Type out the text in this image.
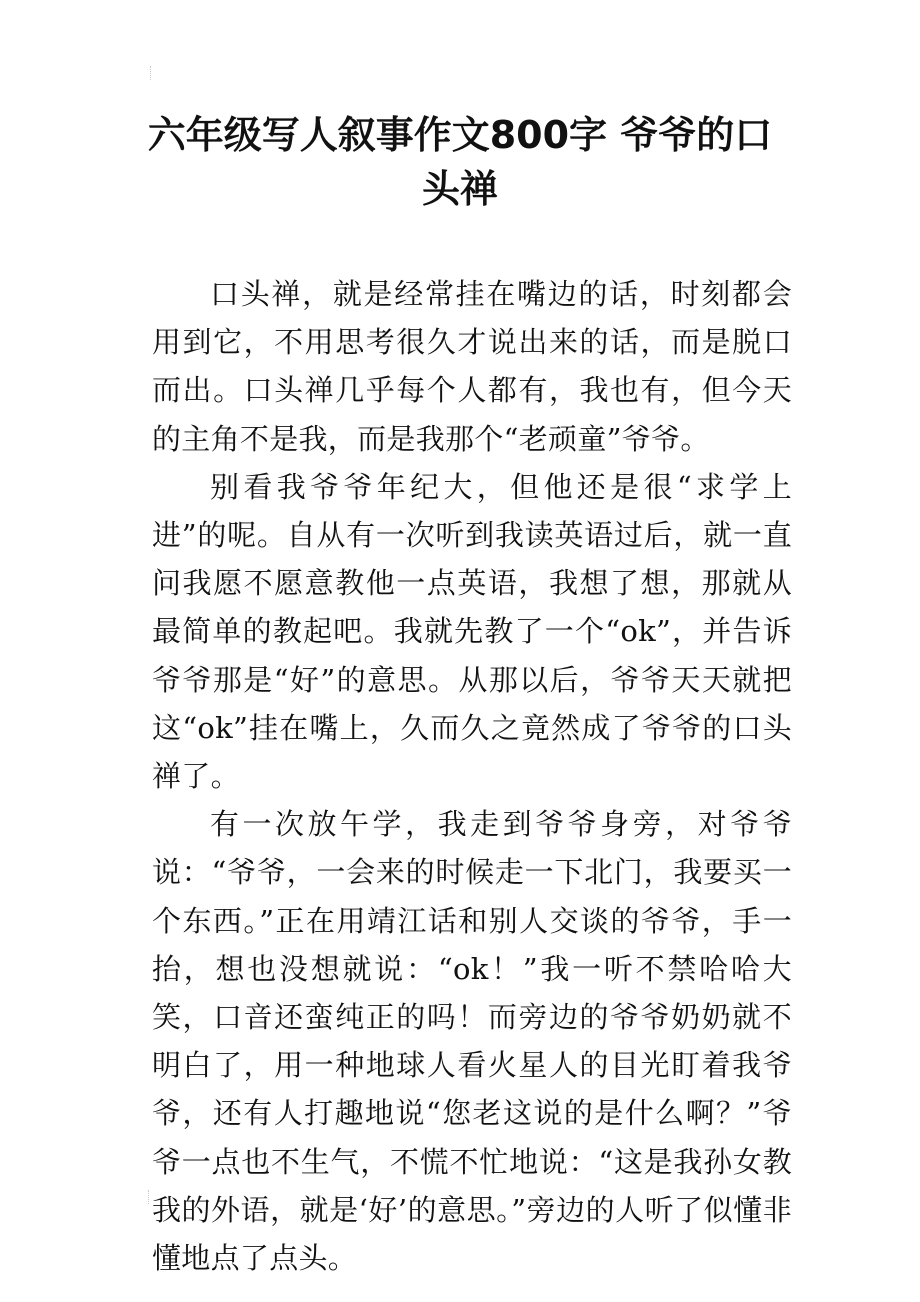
六年级写人叙事作文800字 爷爷的口头禅

口头禅，就是经常挂在嘴边的话，时刻都会用到它，不用思考很久才说出来的话，而是脱口而出。口头禅几乎每个人都有，我也有，但今天的主角不是我，而是我那个“老顽童”爷爷。

别看我爷爷年纪大，但他还是很“求学上进”的呢。自从有一次听到我读英语过后，就一直问我愿不愿意教他一点英语，我想了想，那就从最简单的教起吧。我就先教了一个“ok”，并告诉爷爷那是“好”的意思。从那以后，爷爷天天就把这“ok”挂在嘴上，久而久之竟然成了爷爷的口头禅了。

有一次放午学，我走到爷爷身旁，对爷爷说：“爷爷，一会来的时候走一下北门，我要买一个东西。”正在用靖江话和别人交谈的爷爷，手一抬，想也没想就说：“ok！”我一听不禁哈哈大笑，口音还蛮纯正的吗！而旁边的爷爷奶奶就不明白了，用一种地球人看火星人的目光盯着我爷爷，还有人打趣地说“您老这说的是什么啊？”爷爷一点也不生气，不慌不忙地说：“这是我孙女教我的外语，就是‘好’的意思。”旁边的人听了似懂非懂地点了点头。
